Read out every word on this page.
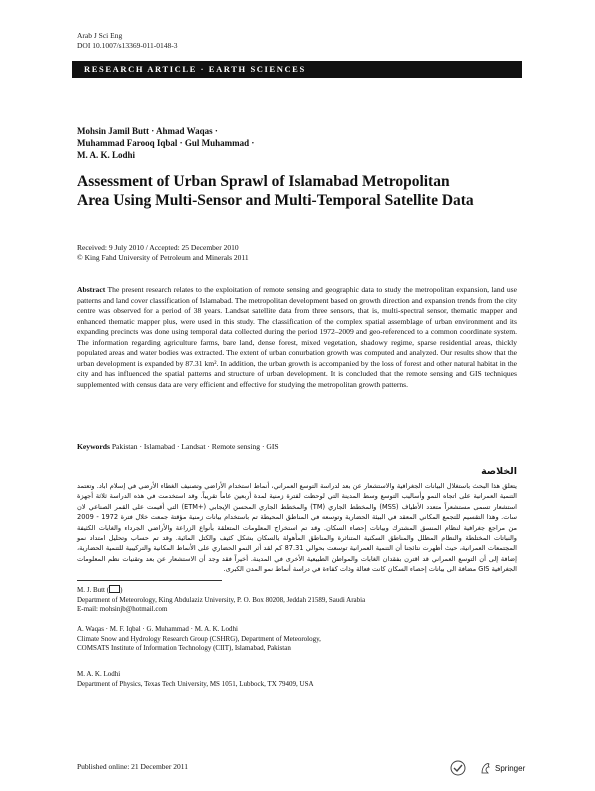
Arab J Sci Eng
DOI 10.1007/s13369-011-0148-3
RESEARCH ARTICLE · EARTH SCIENCES
Mohsin Jamil Butt · Ahmad Waqas ·
Muhammad Farooq Iqbal · Gul Muhammad ·
M. A. K. Lodhi
Assessment of Urban Sprawl of Islamabad Metropolitan
Area Using Multi-Sensor and Multi-Temporal Satellite Data
Received: 9 July 2010 / Accepted: 25 December 2010
© King Fahd University of Petroleum and Minerals 2011
Abstract The present research relates to the exploitation of remote sensing and geographic data to study the metropolitan expansion, land use patterns and land cover classification of Islamabad. The metropolitan development based on growth direction and expansion trends from the city centre was observed for a period of 38 years. Landsat satellite data from three sensors, that is, multi-spectral sensor, thematic mapper and enhanced thematic mapper plus, were used in this study. The classification of the complex spatial assemblage of urban environment and its expanding precincts was done using temporal data collected during the period 1972–2009 and geo-referenced to a common coordinate system. The information regarding agriculture farms, bare land, dense forest, mixed vegetation, shadowy regime, sparse residential areas, thickly populated areas and water bodies was extracted. The extent of urban conurbation growth was computed and analyzed. Our results show that the urban development is expanded by 87.31 km². In addition, the urban growth is accompanied by the loss of forest and other natural habitat in the city and has influenced the spatial patterns and structure of urban development. It is concluded that the remote sensing and GIS techniques supplemented with census data are very efficient and effective for studying the metropolitan growth patterns.
Keywords Pakistan · Islamabad · Landsat · Remote sensing · GIS
الخلاصة
يتعلق هذا البحث باستغلال البيانات الجغرافية والاستشعار عن بعد لدراسة التوسع العمراني، أنماط استخدام الأراضي وتصنيف الغطاء الأرضي في إسلام اباد. وتعتمد التنمية العمرانية على اتجاه النمو وأساليب التوسع وسط المدينة التي لوحظت لفترة زمنية لمدة أربعين عاماً تقريباً. وقد استخدمت في هذه الدراسة ثلاثة أجهزة استشعار تسمى مستشعراً متعدد الأطياف (MSS) والمخطط الجاري (TM) والمخطط الجاري المحسن الإيجابي (+ETM) التي أقيمت على القمر الصناعي لان سات. وهذا التقسيم للتجمع المكاني المعقد في البيئة الحضارية وتوسعه في المناطق المحيطة تم باستخدام بيانات زمنية مؤقتة جمعت خلال فترة 1972 - 2009 من مراجع جغرافية لنظام المنسق المشترك وبيانات إحصاء السكان. وقد تم استخراج المعلومات المتعلقة بأنواع الزراعة والأراضي الجرداء والغابات الكثيفة والنباتات المختلطة والنظام المظلل والمناطق السكنية المتناثرة والمناطق المأهولة بالسكان بشكل كثيف والكتل المائية. وقد تم حساب وتحليل امتداد نمو المجتمعات العمرانية، حيث أظهرت نتائجنا أن التنمية العمرانية توسعت بحوالي 87.31 كم لقد أثر النمو الحضاري على الأنماط المكانية والتركيبية للتنمية الحضارية، إضافة إلى أن التوسع العمراني قد اقترن بفقدان الغابات والمواطن الطبيعية الأخرى في المدينة. أخيراً فقد وجد أن الاستشعار عن بعد وتقنيات نظم المعلومات الجغرافية GIS مضافة الى بيانات إحصاء السكان كانت فعالة وذات كفاءة في دراسة أنماط نمو المدن الكبرى.
M. J. Butt ( )
Department of Meteorology, King Abdulaziz University, P. O. Box 80208, Jeddah 21589, Saudi Arabia
E-mail: mohsinjb@hotmail.com
A. Waqas · M. F. Iqbal · G. Muhammad · M. A. K. Lodhi
Climate Snow and Hydrology Research Group (CSHRG), Department of Meteorology,
COMSATS Institute of Information Technology (CIIT), Islamabad, Pakistan
M. A. K. Lodhi
Department of Physics, Texas Tech University, MS 1051, Lubbock, TX 79409, USA
Published online: 21 December 2011	Springer
